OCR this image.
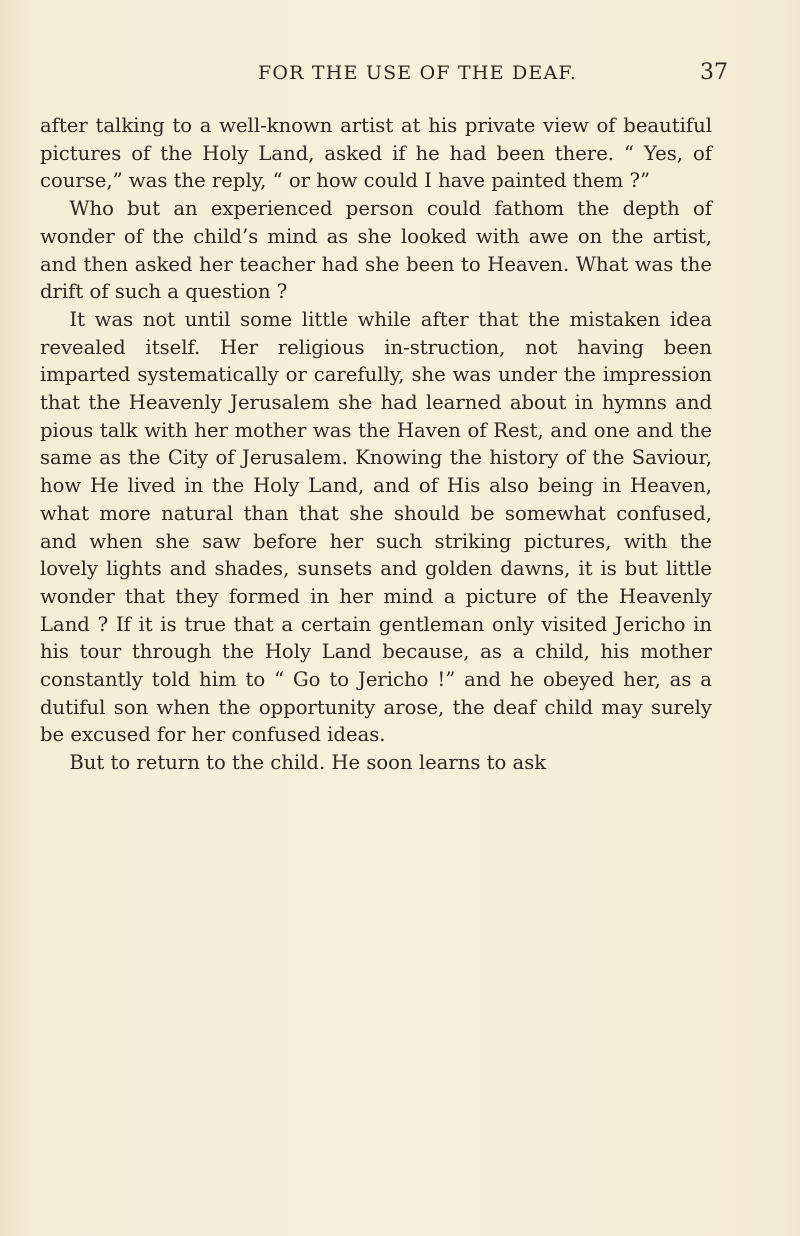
FOR THE USE OF THE DEAF.	37

after talking to a well-known artist at his private view of beautiful pictures of the Holy Land, asked if he had been there. “ Yes, of course,” was the reply, “ or how could I have painted them ?”

Who but an experienced person could fathom the depth of wonder of the child’s mind as she looked with awe on the artist, and then asked her teacher had she been to Heaven. What was the drift of such a question ?

It was not until some little while after that the mistaken idea revealed itself. Her religious in-struction, not having been imparted systematically or carefully, she was under the impression that the Heavenly Jerusalem she had learned about in hymns and pious talk with her mother was the Haven of Rest, and one and the same as the City of Jerusalem. Knowing the history of the Saviour, how He lived in the Holy Land, and of His also being in Heaven, what more natural than that she should be somewhat confused, and when she saw before her such striking pictures, with the lovely lights and shades, sunsets and golden dawns, it is but little wonder that they formed in her mind a picture of the Heavenly Land ? If it is true that a certain gentleman only visited Jericho in his tour through the Holy Land because, as a child, his mother constantly told him to “ Go to Jericho !” and he obeyed her, as a dutiful son when the opportunity arose, the deaf child may surely be excused for her confused ideas.

But to return to the child. He soon learns to ask
